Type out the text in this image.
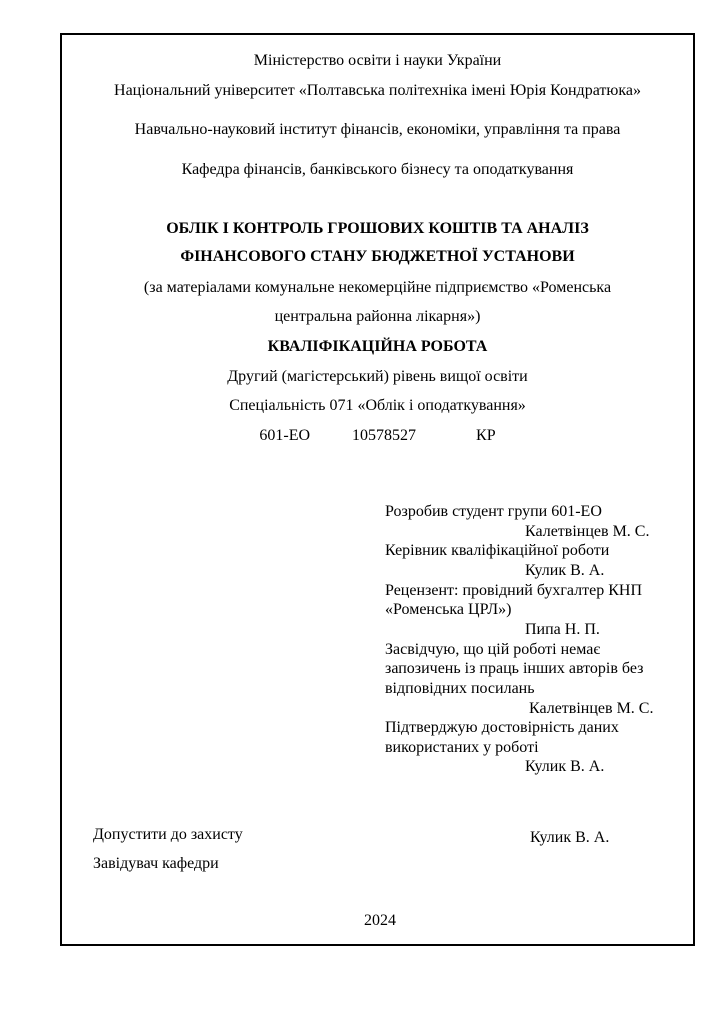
Міністерство освіти і науки України
Національний університет «Полтавська політехніка імені Юрія Кондратюка»
Навчально-науковий інститут фінансів, економіки, управління та права
Кафедра фінансів, банківського бізнесу та оподаткування
ОБЛІК І КОНТРОЛЬ ГРОШОВИХ КОШТІВ ТА АНАЛІЗ
ФІНАНСОВОГО СТАНУ БЮДЖЕТНОЇ УСТАНОВИ
(за матеріалами комунальне некомерційне підприємство «Роменська
центральна районна лікарня»)
КВАЛІФІКАЦІЙНА РОБОТА
Другий (магістерський) рівень вищої освіти
Спеціальність 071 «Облік і оподаткування»
601-ЕО	10578527	КР
Розробив студент групи 601-ЕО
Калетвінцев М. С.
Керівник кваліфікаційної роботи
Кулик В. А.
Рецензент: провідний бухгалтер КНП
«Роменська ЦРЛ»)
Пипа Н. П.
Засвідчую, що цій роботі немає
запозичень із праць інших авторів без
відповідних посилань
Калетвінцев М. С.
Підтверджую достовірність даних
використаних у роботі
Кулик В. А.
Допустити до захисту	Кулик В. А.
Завідувач кафедри
2024
